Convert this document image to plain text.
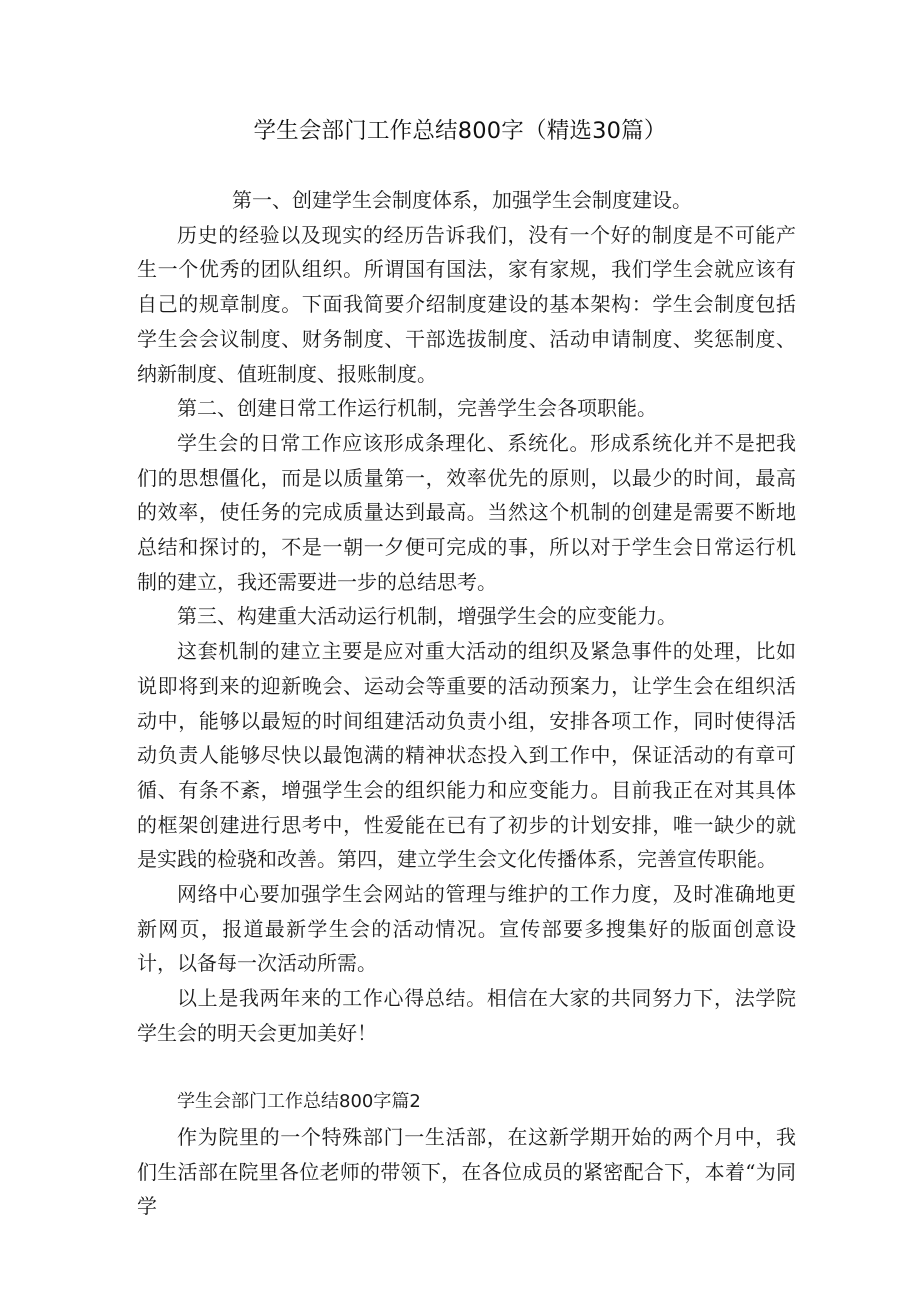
学生会部门工作总结800字（精选30篇）

第一、创建学生会制度体系，加强学生会制度建设。

历史的经验以及现实的经历告诉我们，没有一个好的制度是不可能产生一个优秀的团队组织。所谓国有国法，家有家规，我们学生会就应该有自己的规章制度。下面我简要介绍制度建设的基本架构：学生会制度包括学生会会议制度、财务制度、干部选拔制度、活动申请制度、奖惩制度、纳新制度、值班制度、报账制度。

第二、创建日常工作运行机制，完善学生会各项职能。

学生会的日常工作应该形成条理化、系统化。形成系统化并不是把我们的思想僵化，而是以质量第一，效率优先的原则，以最少的时间，最高的效率，使任务的完成质量达到最高。当然这个机制的创建是需要不断地总结和探讨的，不是一朝一夕便可完成的事，所以对于学生会日常运行机制的建立，我还需要进一步的总结思考。

第三、构建重大活动运行机制，增强学生会的应变能力。

这套机制的建立主要是应对重大活动的组织及紧急事件的处理，比如说即将到来的迎新晚会、运动会等重要的活动预案力，让学生会在组织活动中，能够以最短的时间组建活动负责小组，安排各项工作，同时使得活动负责人能够尽快以最饱满的精神状态投入到工作中，保证活动的有章可循、有条不紊，增强学生会的组织能力和应变能力。目前我正在对其具体的框架创建进行思考中，性爱能在已有了初步的计划安排，唯一缺少的就是实践的检骁和改善。第四，建立学生会文化传播体系，完善宣传职能。

网络中心要加强学生会网站的管理与维护的工作力度，及时准确地更新网页，报道最新学生会的活动情况。宣传部要多搜集好的版面创意设计，以备每一次活动所需。

以上是我两年来的工作心得总结。相信在大家的共同努力下，法学院学生会的明天会更加美好！

学生会部门工作总结800字篇2

作为院里的一个特殊部门一生活部，在这新学期开始的两个月中，我们生活部在院里各位老师的带领下，在各位成员的紧密配合下，本着“为同学
